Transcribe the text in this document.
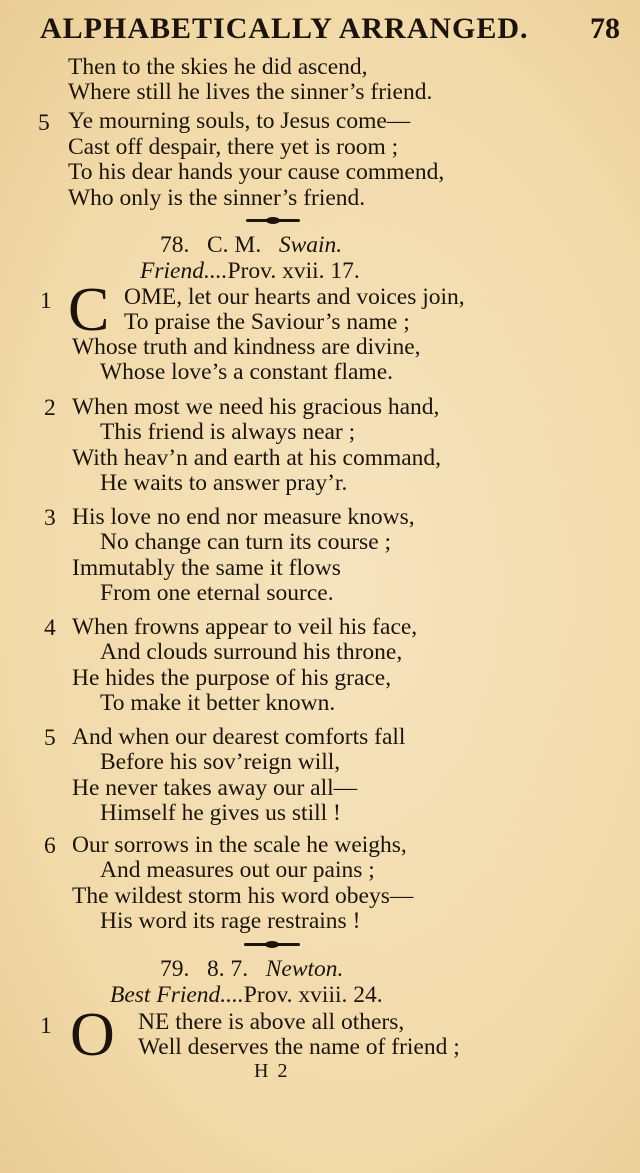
ALPHABETICALLY ARRANGED. 78
Then to the skies he did ascend,
Where still he lives the sinner’s friend.
5 Ye mourning souls, to Jesus come—
Cast off despair, there yet is room ;
To his dear hands your cause commend,
Who only is the sinner’s friend.
78. C. M. Swain.
Friend....Prov. xvii. 17.
1 C OME, let our hearts and voices join,
To praise the Saviour’s name ;
Whose truth and kindness are divine,
Whose love’s a constant flame.
2 When most we need his gracious hand,
This friend is always near ;
With heav’n and earth at his command,
He waits to answer pray’r.
3 His love no end nor measure knows,
No change can turn its course ;
Immutably the same it flows
From one eternal source.
4 When frowns appear to veil his face,
And clouds surround his throne,
He hides the purpose of his grace,
To make it better known.
5 And when our dearest comforts fall
Before his sov’reign will,
He never takes away our all—
Himself he gives us still !
6 Our sorrows in the scale he weighs,
And measures out our pains ;
The wildest storm his word obeys—
His word its rage restrains !
79. 8. 7. Newton.
Best Friend....Prov. xviii. 24.
1 O NE there is above all others,
Well deserves the name of friend ;
H 2
